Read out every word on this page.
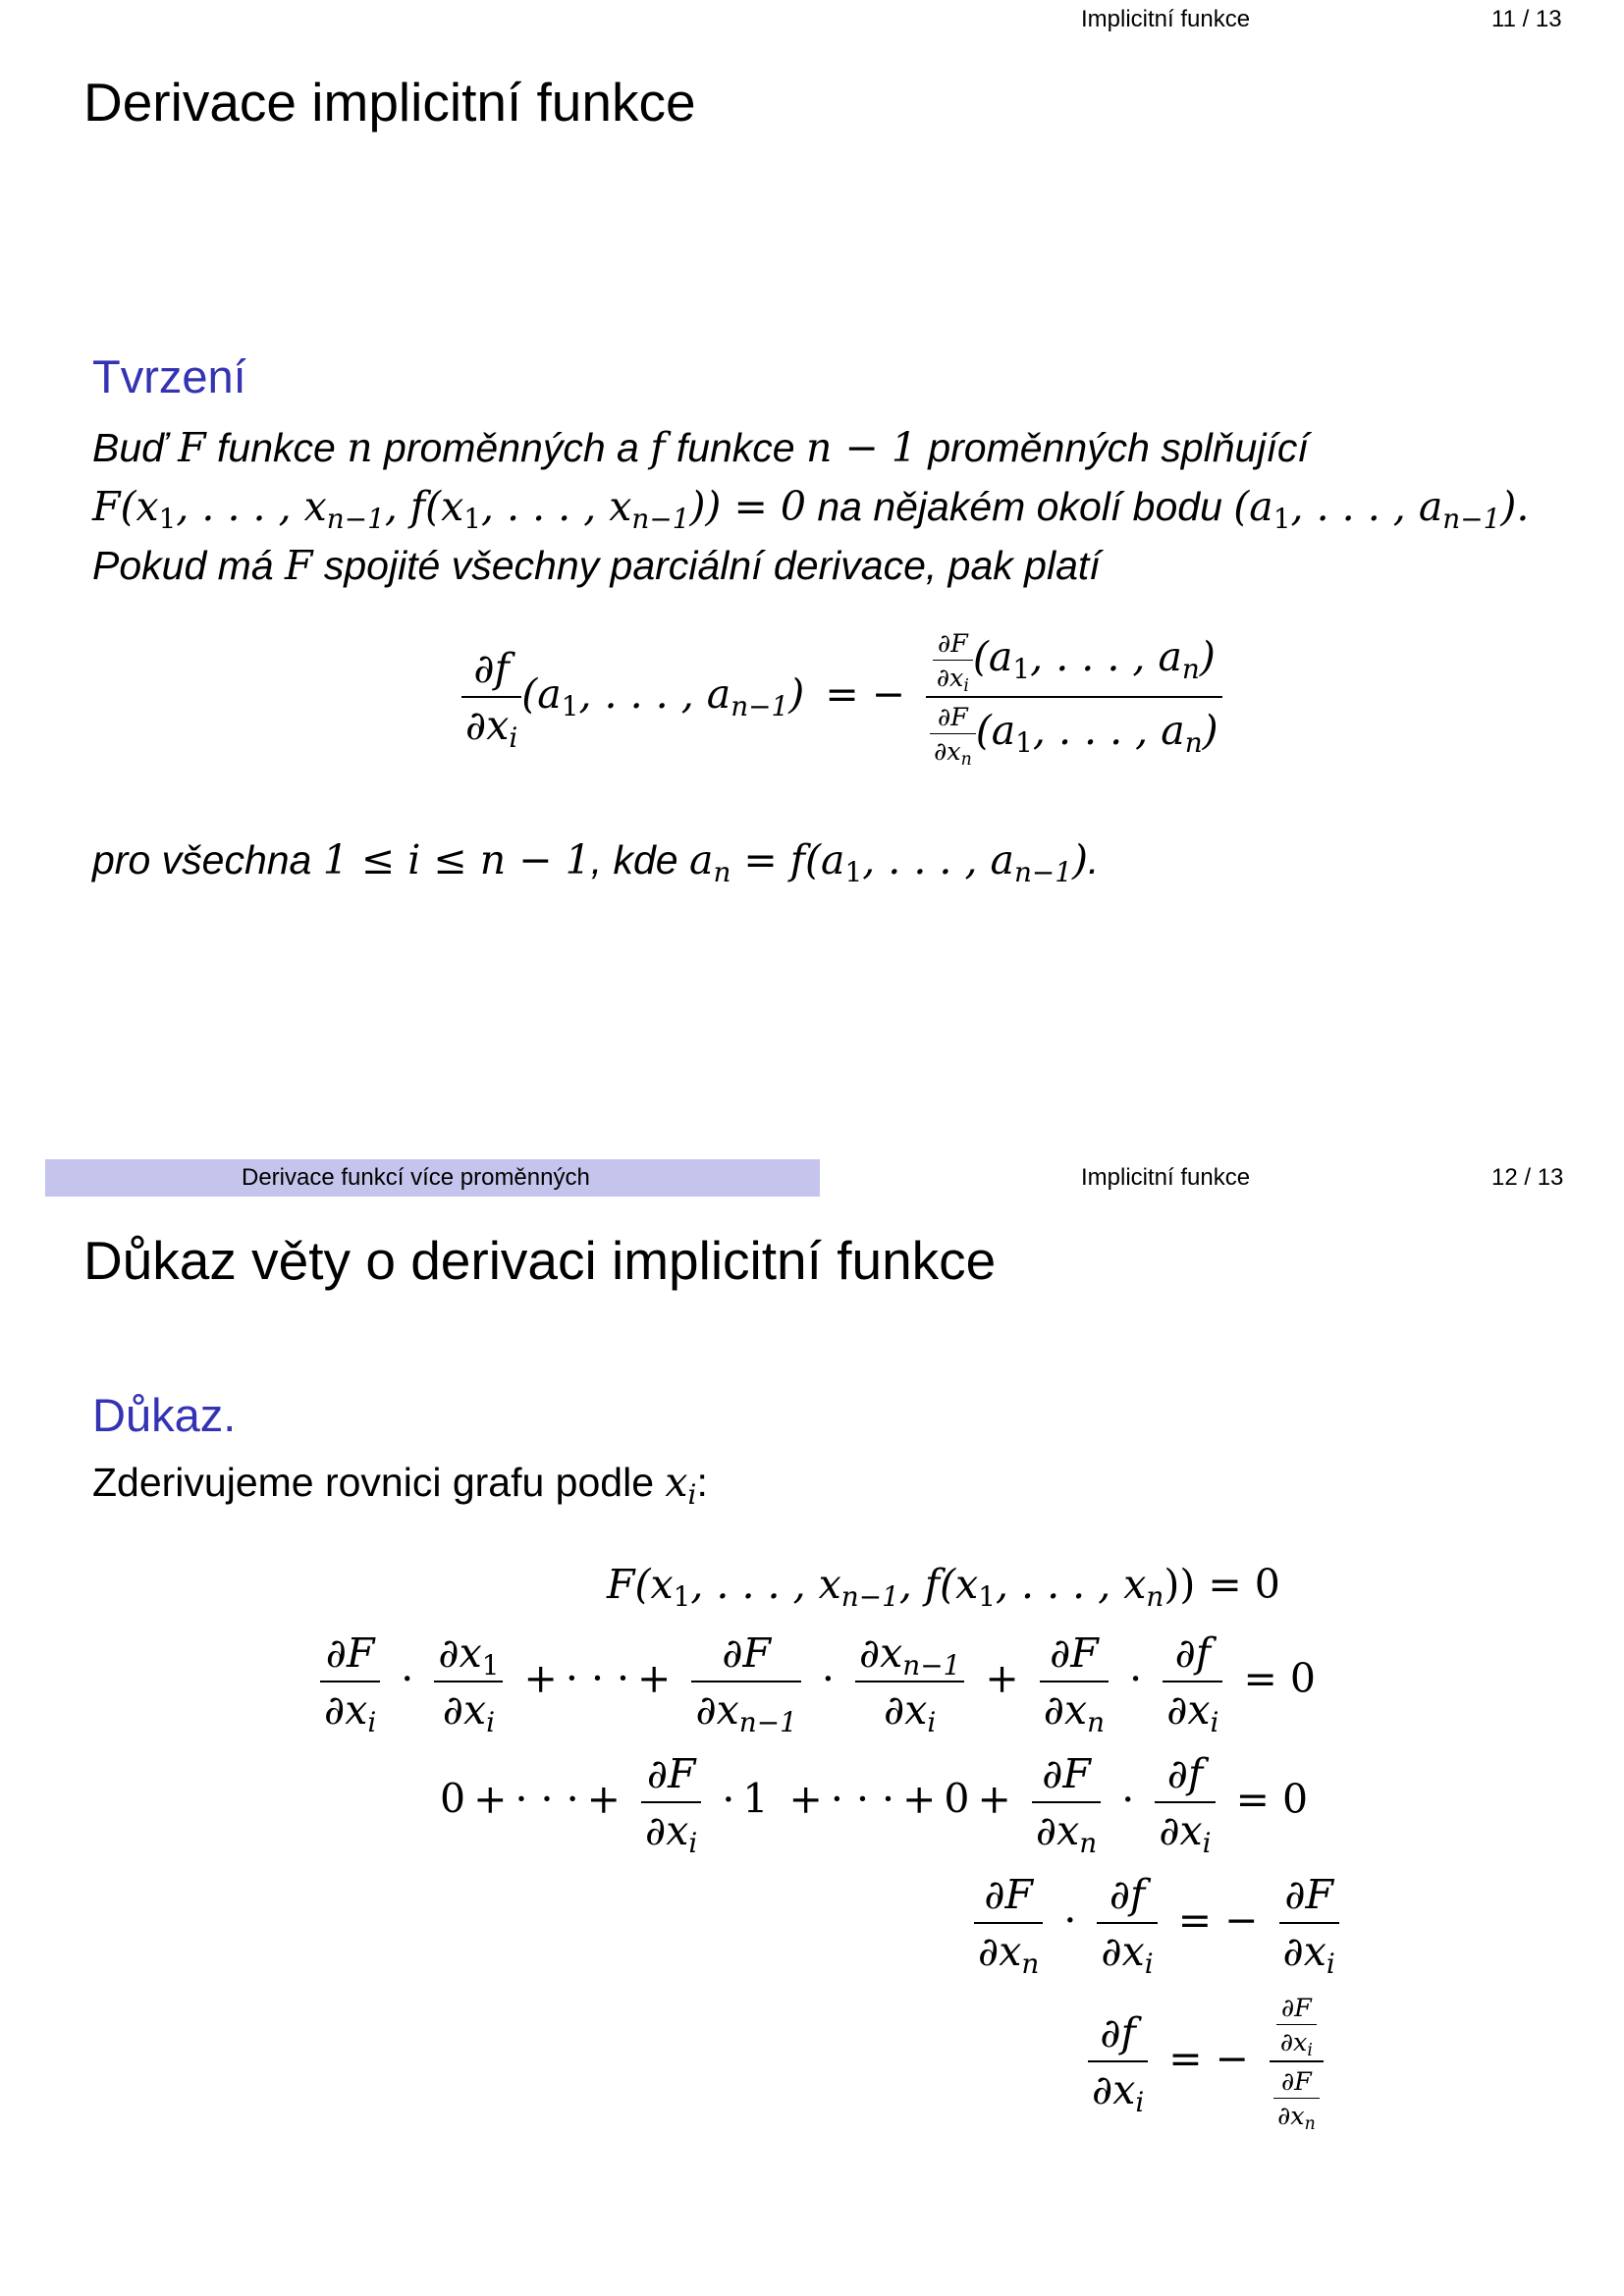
Implicitní funkce	11 / 13
Derivace implicitní funkce
Tvrzení
Buď F funkce n proměnných a f funkce n − 1 proměnných splňující
$F(x_1$, . . . , $x_{n-1}$, $f(x_1$, . . . , $x_{n-1})) = 0$ na nějakém okolí bodu ($a_1$, . . . , $a_{n-1}$).
Pokud má F spojité všechny parciální derivace, pak platí
$\frac{\partial f}{\partial x_i} (a_1$, . . . , $a_{n-1}$) = − $\frac{\frac{\partial F}{\partial x_i} (a_1, . . . , a_n)}{\frac{\partial F}{\partial x_n} (a_1, . . . , a_n)}$
pro všechna 1 ≤ i ≤ n − 1, kde $a_n = f(a_1$, . . . , $a_{n-1}$).
Derivace funkcí více proměnných	Implicitní funkce	12 / 13
Důkaz věty o derivaci implicitní funkce
Důkaz.
Zderivujeme rovnici grafu podle $x_i$:
$F(x_1$, . . . , $x_{n-1}$, $f(x_1$, . . . , $x_n)) = 0$
$\frac{\partial F}{\partial x_i} \cdot \frac{\partial x_1}{\partial x_i}$ + · · · + $\frac{\partial F}{\partial x_{n-1}} \cdot \frac{\partial x_{n-1}}{\partial x_i} + \frac{\partial F}{\partial x_n} \cdot \frac{\partial f}{\partial x_i} = 0$
0 + · · · + $\frac{\partial F}{\partial x_i} \cdot 1$ + · · · + $0 + \frac{\partial F}{\partial x_n} \cdot \frac{\partial f}{\partial x_i} = 0$
$\frac{\partial F}{\partial x_n} \cdot \frac{\partial f}{\partial x_i}$ = − $\frac{\partial F}{\partial x_i}$
$\frac{\partial f}{\partial x_i}$ = − $\frac{\frac{\partial F}{\partial x_i}}{\frac{\partial F}{\partial x_n}}$
